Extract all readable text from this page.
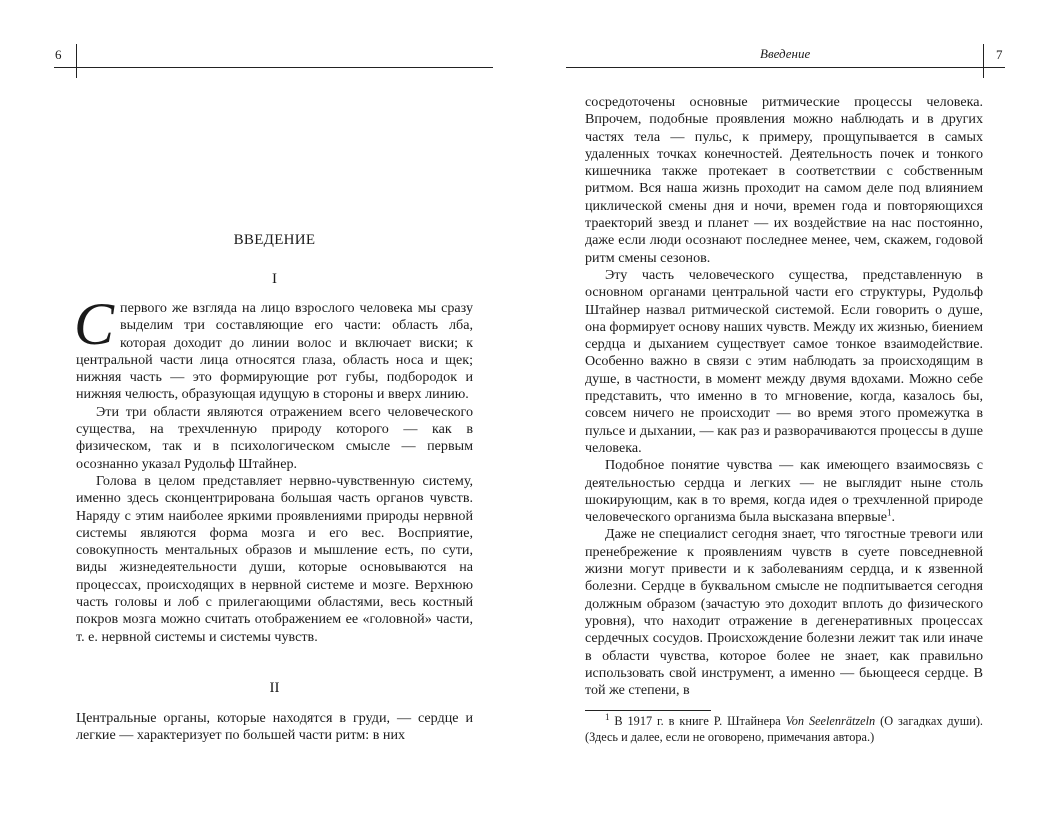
6
ВВЕДЕНИЕ
I

Спервого же взгляда на лицо взрослого человека мы сразу выделим три составляющие его части: область лба, которая доходит до линии волос и включает виски; к центральной части лица относятся глаза, область носа и щек; нижняя часть — это формирующие рот губы, подбородок и нижняя челюсть, образующая идущую в стороны и вверх линию.

Эти три области являются отражением всего человеческого существа, на трехчленную природу которого — как в физическом, так и в психологическом смысле — первым осознанно указал Рудольф Штайнер.

Голова в целом представляет нервно-чувственную систему, именно здесь сконцентрирована большая часть органов чувств. Наряду с этим наиболее яркими проявлениями природы нервной системы являются форма мозга и его вес. Восприятие, совокупность ментальных образов и мышление есть, по сути, виды жизнедеятельности души, которые основываются на процессах, происходящих в нервной системе и мозге. Верхнюю часть головы и лоб с прилегающими областями, весь костный покров мозга можно считать отображением ее «головной» части, т. е. нервной системы и системы чувств.

II

Центральные органы, которые находятся в груди, — сердце и легкие — характеризует по большей части ритм: в них

Введение	7

сосредоточены основные ритмические процессы человека. Впрочем, подобные проявления можно наблюдать и в других частях тела — пульс, к примеру, прощупывается в самых удаленных точках конечностей. Деятельность почек и тонкого кишечника также протекает в соответствии с собственным ритмом. Вся наша жизнь проходит на самом деле под влиянием циклической смены дня и ночи, времен года и повторяющихся траекторий звезд и планет — их воздействие на нас постоянно, даже если люди осознают последнее менее, чем, скажем, годовой ритм смены сезонов.

Эту часть человеческого существа, представленную в основном органами центральной части его структуры, Рудольф Штайнер назвал ритмической системой. Если говорить о душе, она формирует основу наших чувств. Между их жизнью, биением сердца и дыханием существует самое тонкое взаимодействие. Особенно важно в связи с этим наблюдать за происходящим в душе, в частности, в момент между двумя вдохами. Можно себе представить, что именно в то мгновение, когда, казалось бы, совсем ничего не происходит — во время этого промежутка в пульсе и дыхании, — как раз и разворачиваются процессы в душе человека.

Подобное понятие чувства — как имеющего взаимосвязь с деятельностью сердца и легких — не выглядит ныне столь шокирующим, как в то время, когда идея о трехчленной природе человеческого организма была высказана впервые$^1$.

Даже не специалист сегодня знает, что тягостные тревоги или пренебрежение к проявлениям чувств в суете повседневной жизни могут привести и к заболеваниям сердца, и к язвенной болезни. Сердце в буквальном смысле не подпитывается сегодня должным образом (зачастую это доходит вплоть до физического уровня), что находит отражение в дегенеративных процессах сердечных сосудов. Происхождение болезни лежит так или иначе в области чувства, которое более не знает, как правильно использовать свой инструмент, а именно — бьющееся сердце. В той же степени, в

$^1$ В 1917 г. в книге Р. Штайнера Von Seelenrätzeln (О загадках души). (Здесь и далее, если не оговорено, примечания автора.)
